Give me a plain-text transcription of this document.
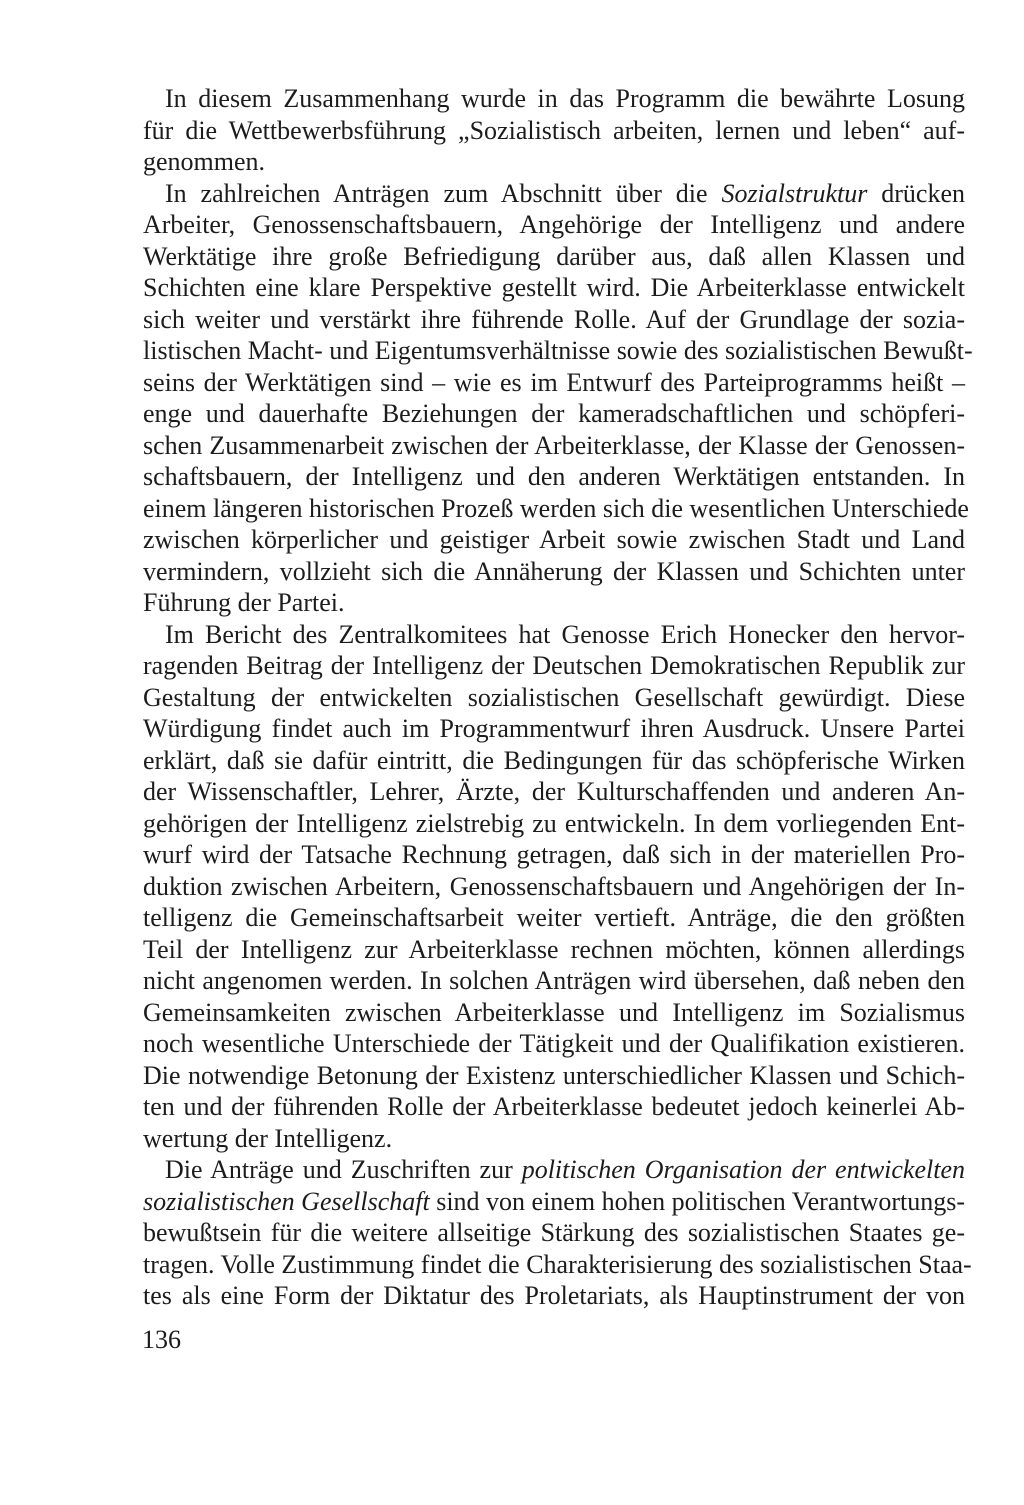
In diesem Zusammenhang wurde in das Programm die bewährte Losung
für die Wettbewerbsführung „Sozialistisch arbeiten, lernen und leben“ auf-
genommen.
In zahlreichen Anträgen zum Abschnitt über die Sozialstruktur drücken
Arbeiter, Genossenschaftsbauern, Angehörige der Intelligenz und andere
Werktätige ihre große Befriedigung darüber aus, daß allen Klassen und
Schichten eine klare Perspektive gestellt wird. Die Arbeiterklasse entwickelt
sich weiter und verstärkt ihre führende Rolle. Auf der Grundlage der sozia-
listischen Macht- und Eigentumsverhältnisse sowie des sozialistischen Bewußt-
seins der Werktätigen sind – wie es im Entwurf des Parteiprogramms heißt –
enge und dauerhafte Beziehungen der kameradschaftlichen und schöpferi-
schen Zusammenarbeit zwischen der Arbeiterklasse, der Klasse der Genossen-
schaftsbauern, der Intelligenz und den anderen Werktätigen entstanden. In
einem längeren historischen Prozeß werden sich die wesentlichen Unterschiede
zwischen körperlicher und geistiger Arbeit sowie zwischen Stadt und Land
vermindern, vollzieht sich die Annäherung der Klassen und Schichten unter
Führung der Partei.
Im Bericht des Zentralkomitees hat Genosse Erich Honecker den hervor-
ragenden Beitrag der Intelligenz der Deutschen Demokratischen Republik zur
Gestaltung der entwickelten sozialistischen Gesellschaft gewürdigt. Diese
Würdigung findet auch im Programmentwurf ihren Ausdruck. Unsere Partei
erklärt, daß sie dafür eintritt, die Bedingungen für das schöpferische Wirken
der Wissenschaftler, Lehrer, Ärzte, der Kulturschaffenden und anderen An-
gehörigen der Intelligenz zielstrebig zu entwickeln. In dem vorliegenden Ent-
wurf wird der Tatsache Rechnung getragen, daß sich in der materiellen Pro-
duktion zwischen Arbeitern, Genossenschaftsbauern und Angehörigen der In-
telligenz die Gemeinschaftsarbeit weiter vertieft. Anträge, die den größten
Teil der Intelligenz zur Arbeiterklasse rechnen möchten, können allerdings
nicht angenomen werden. In solchen Anträgen wird übersehen, daß neben den
Gemeinsamkeiten zwischen Arbeiterklasse und Intelligenz im Sozialismus
noch wesentliche Unterschiede der Tätigkeit und der Qualifikation existieren.
Die notwendige Betonung der Existenz unterschiedlicher Klassen und Schich-
ten und der führenden Rolle der Arbeiterklasse bedeutet jedoch keinerlei Ab-
wertung der Intelligenz.
Die Anträge und Zuschriften zur politischen Organisation der entwickelten
sozialistischen Gesellschaft sind von einem hohen politischen Verantwortungs-
bewußtsein für die weitere allseitige Stärkung des sozialistischen Staates ge-
tragen. Volle Zustimmung findet die Charakterisierung des sozialistischen Staa-
tes als eine Form der Diktatur des Proletariats, als Hauptinstrument der von
136
